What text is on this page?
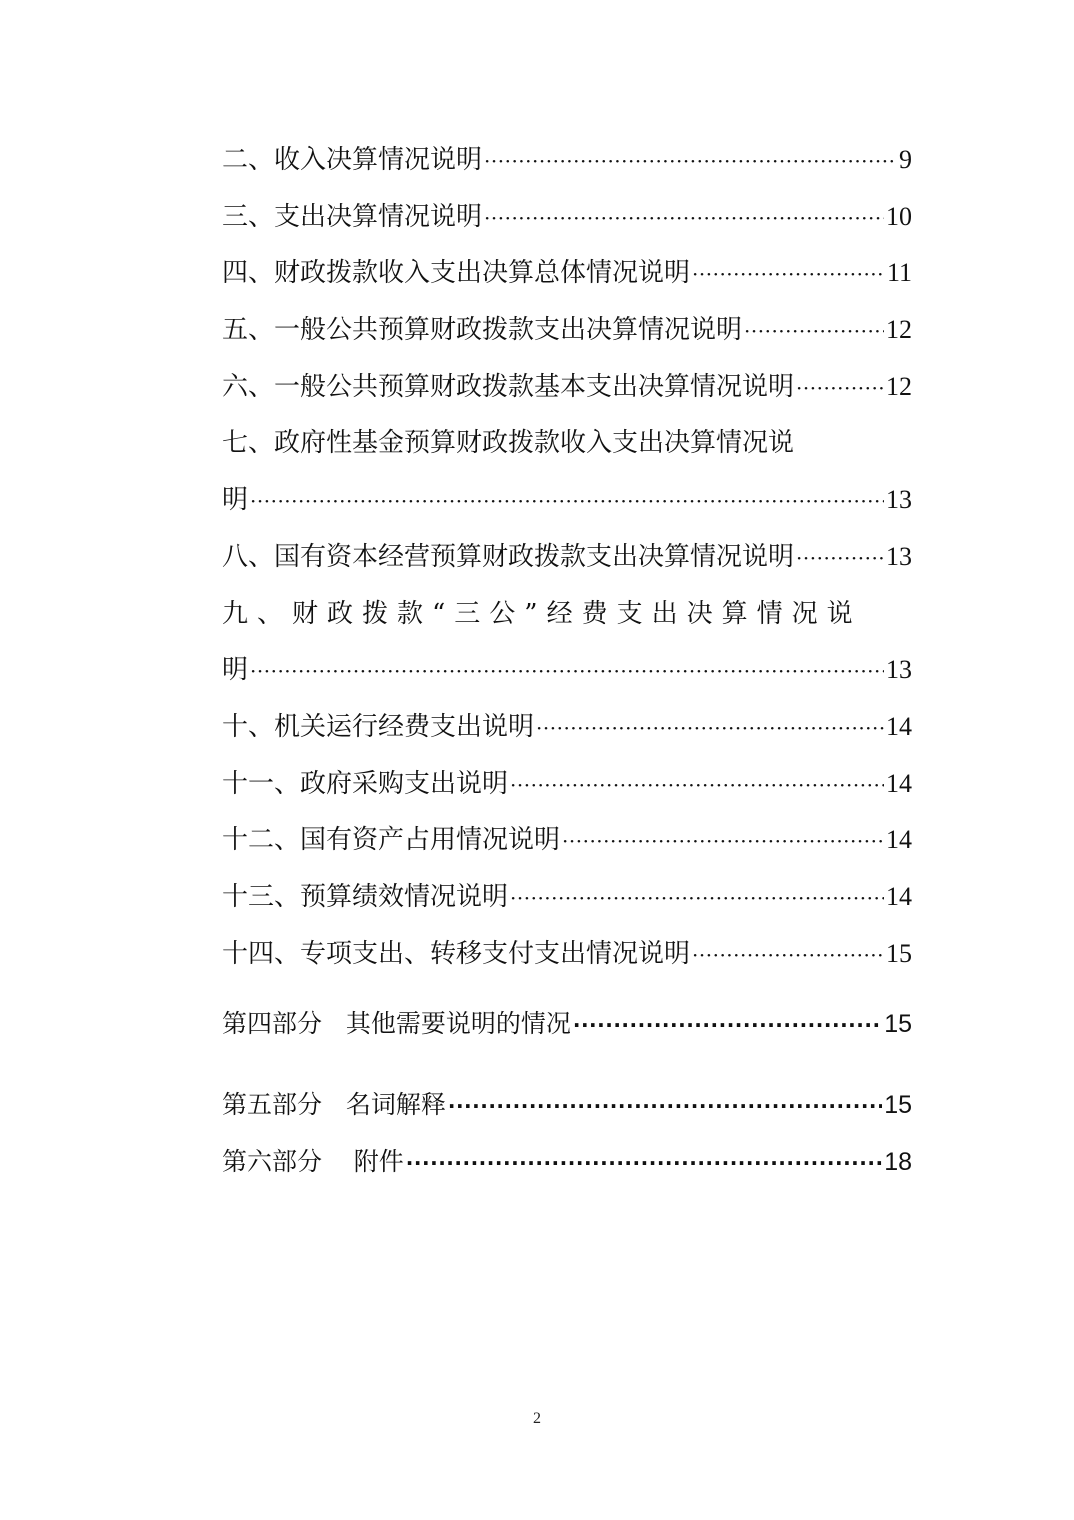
二、收入决算情况说明 ·····	9
三、支出决算情况说明 ·····	10
四、财政拨款收入支出决算总体情况说明 ·····	11
五、一般公共预算财政拨款支出决算情况说明 ·····	12
六、一般公共预算财政拨款基本支出决算情况说明 ·····	12
七、政府性基金预算财政拨款收入支出决算情况说
明 ·····	13
八、国有资本经营预算财政拨款支出决算情况说明 ·····	13
九、财政拨款“三公”经费支出决算情况说
明 ·····	13
十、机关运行经费支出说明 ·····	14
十一、政府采购支出说明 ·····	14
十二、国有资产占用情况说明 ·····	14
十三、预算绩效情况说明 ·····	14
十四、专项支出、转移支付支出情况说明 ·····	15
第四部分   其他需要说明的情况 ·····	15
第五部分   名词解释 ·····	15
第六部分    附件 ·····	18
2
